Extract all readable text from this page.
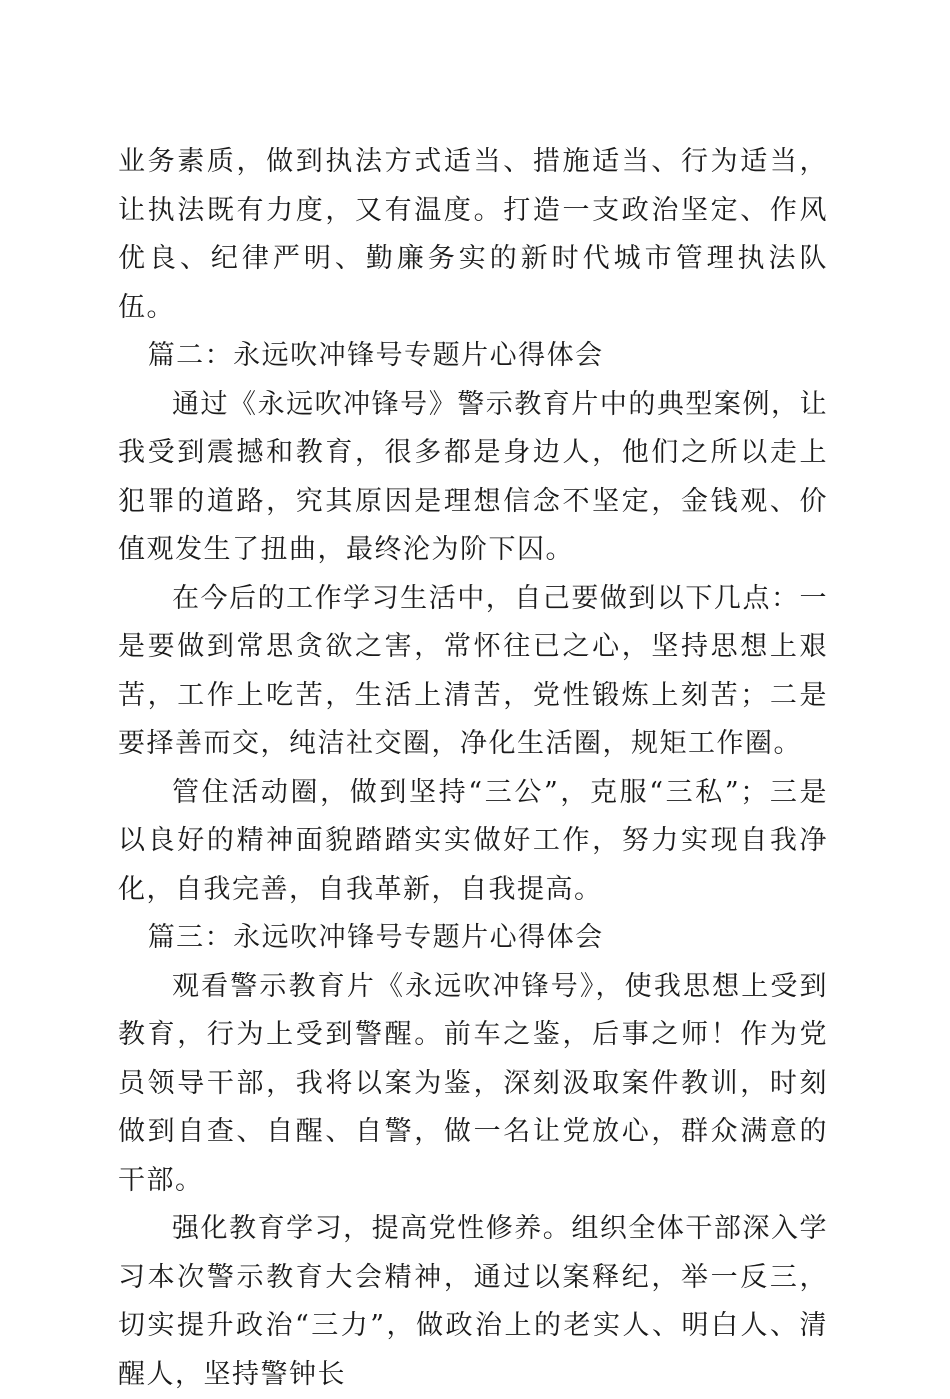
业务素质，做到执法方式适当、措施适当、行为适当，让执法既有力度，又有温度。打造一支政治坚定、作风优良、纪律严明、勤廉务实的新时代城市管理执法队伍。

篇二：永远吹冲锋号专题片心得体会

通过《永远吹冲锋号》警示教育片中的典型案例，让我受到震撼和教育，很多都是身边人，他们之所以走上犯罪的道路，究其原因是理想信念不坚定，金钱观、价值观发生了扭曲，最终沦为阶下囚。

在今后的工作学习生活中，自己要做到以下几点：一是要做到常思贪欲之害，常怀往已之心，坚持思想上艰苦，工作上吃苦，生活上清苦，党性锻炼上刻苦；二是要择善而交，纯洁社交圈，净化生活圈，规矩工作圈。

管住活动圈，做到坚持“三公”，克服“三私”；三是以良好的精神面貌踏踏实实做好工作，努力实现自我净化，自我完善，自我革新，自我提高。

篇三：永远吹冲锋号专题片心得体会

观看警示教育片《永远吹冲锋号》，使我思想上受到教育，行为上受到警醒。前车之鉴，后事之师！作为党员领导干部，我将以案为鉴，深刻汲取案件教训，时刻做到自查、自醒、自警，做一名让党放心，群众满意的干部。

强化教育学习，提高党性修养。组织全体干部深入学习本次警示教育大会精神，通过以案释纪，举一反三，切实提升政治“三力”，做政治上的老实人、明白人、清醒人，坚持警钟长
